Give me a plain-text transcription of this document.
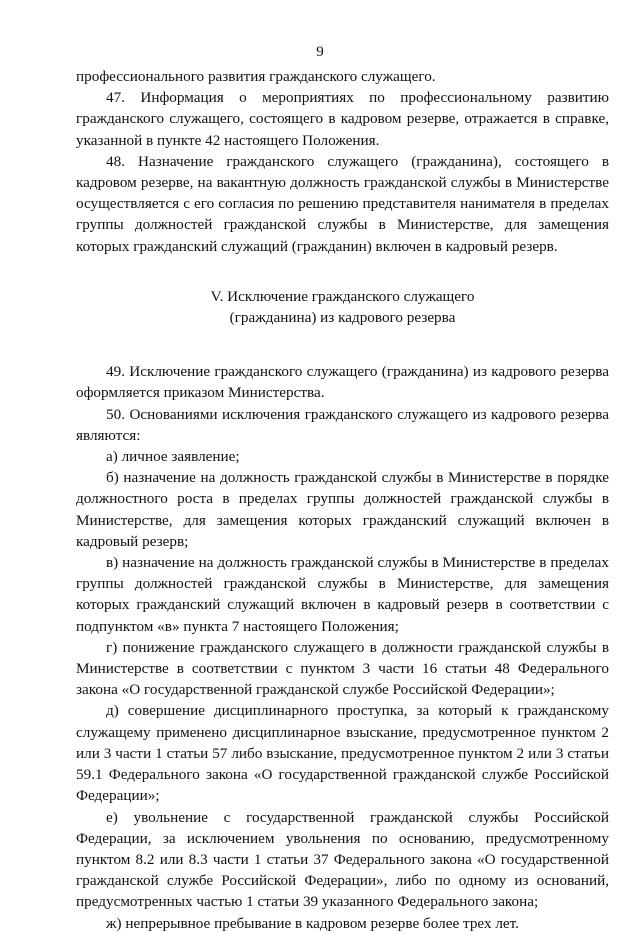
9

профессионального развития гражданского служащего.

47. Информация о мероприятиях по профессиональному развитию гражданского служащего, состоящего в кадровом резерве, отражается в справке, указанной в пункте 42 настоящего Положения.

48. Назначение гражданского служащего (гражданина), состоящего в кадровом резерве, на вакантную должность гражданской службы в Министерстве осуществляется с его согласия по решению представителя нанимателя в пределах группы должностей гражданской службы в Министерстве, для замещения которых гражданский служащий (гражданин) включен в кадровый резерв.

V. Исключение гражданского служащего
(гражданина) из кадрового резерва

49. Исключение гражданского служащего (гражданина) из кадрового резерва оформляется приказом Министерства.

50. Основаниями исключения гражданского служащего из кадрового резерва являются:

а) личное заявление;

б) назначение на должность гражданской службы в Министерстве в порядке должностного роста в пределах группы должностей гражданской службы в Министерстве, для замещения которых гражданский служащий включен в кадровый резерв;

в) назначение на должность гражданской службы в Министерстве в пределах группы должностей гражданской службы в Министерстве, для замещения которых гражданский служащий включен в кадровый резерв в соответствии с подпунктом «в» пункта 7 настоящего Положения;

г) понижение гражданского служащего в должности гражданской службы в Министерстве в соответствии с пунктом 3 части 16 статьи 48 Федерального закона «О государственной гражданской службе Российской Федерации»;

д) совершение дисциплинарного проступка, за который к гражданскому служащему применено дисциплинарное взыскание, предусмотренное пунктом 2 или 3 части 1 статьи 57 либо взыскание, предусмотренное пунктом 2 или 3 статьи 59.1 Федерального закона «О государственной гражданской службе Российской Федерации»;

е) увольнение с государственной гражданской службы Российской Федерации, за исключением увольнения по основанию, предусмотренному пунктом 8.2 или 8.3 части 1 статьи 37 Федерального закона «О государственной гражданской службе Российской Федерации», либо по одному из оснований, предусмотренных частью 1 статьи 39 указанного Федерального закона;

ж) непрерывное пребывание в кадровом резерве более трех лет.
